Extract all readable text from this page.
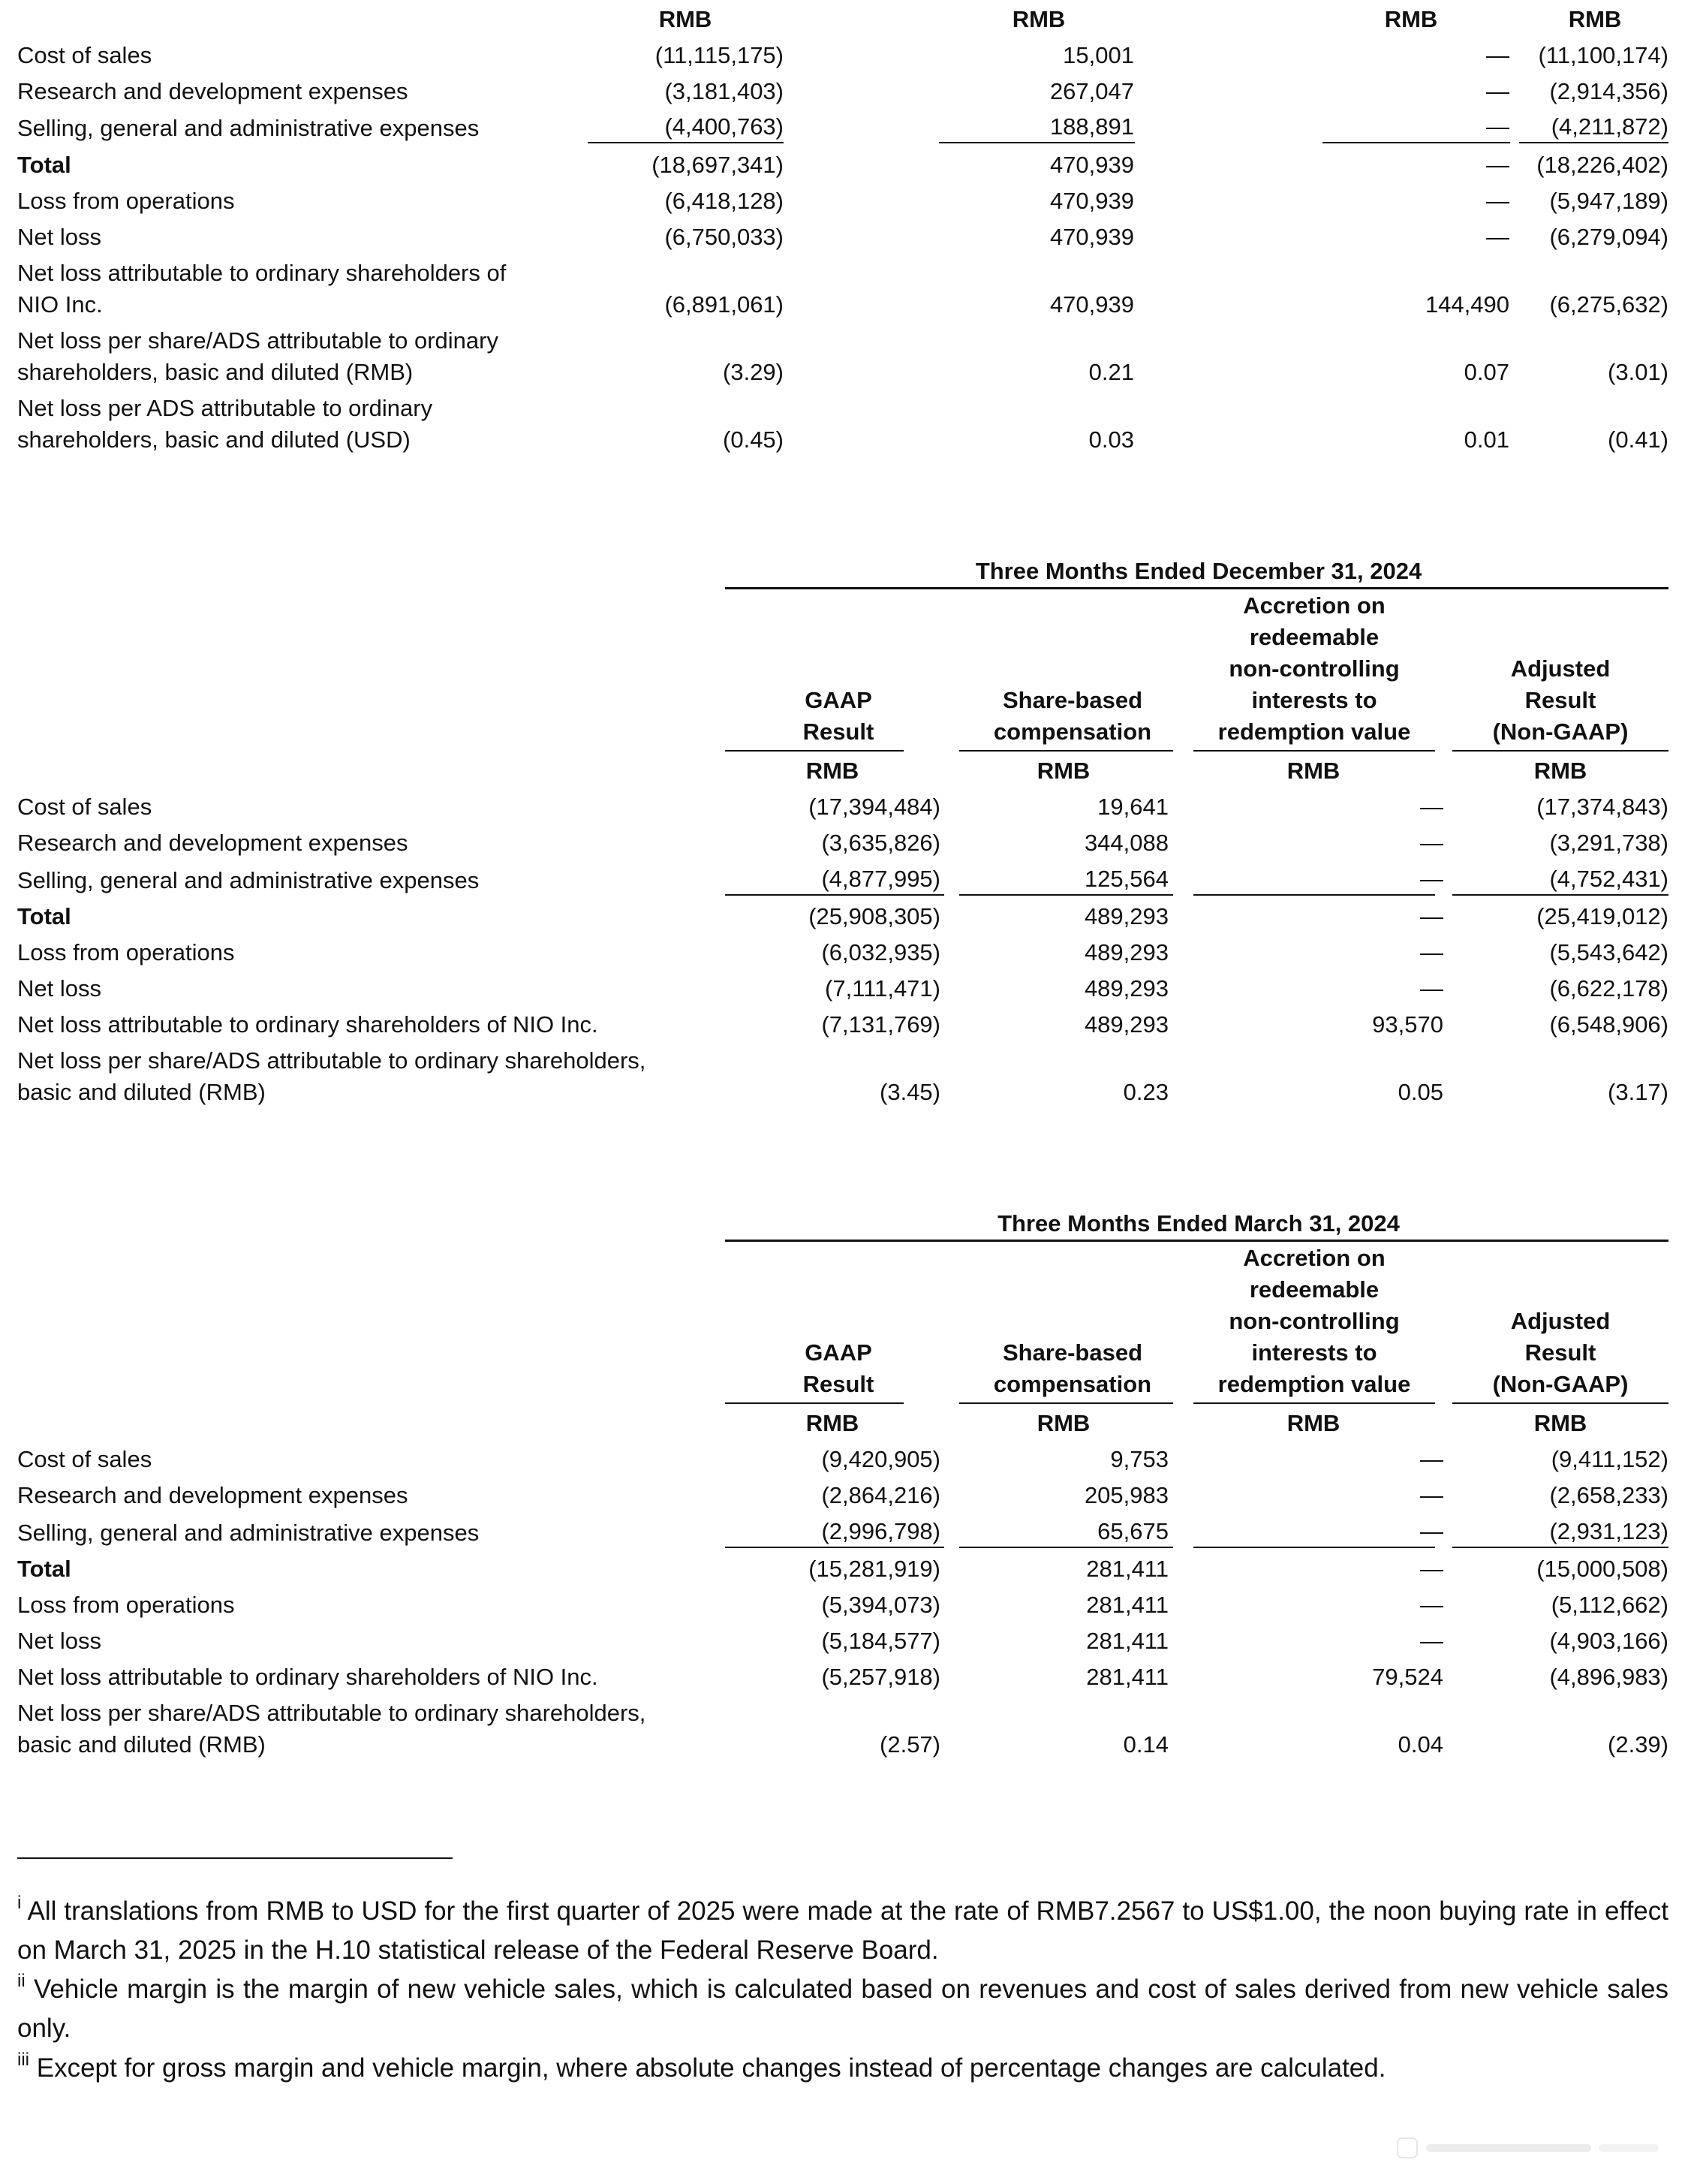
RMB	RMB	RMB	RMB
Cost of sales	(11,115,175)	15,001	— (11,100,174)
Research and development expenses	(3,181,403)	267,047	— (2,914,356)
Selling, general and administrative expenses	(4,400,763)	188,891	— (4,211,872)
Total	(18,697,341)	470,939	— (18,226,402)
Loss from operations	(6,418,128)	470,939	— (5,947,189)
Net loss	(6,750,033)	470,939	— (6,279,094)
Net loss attributable to ordinary shareholders of
NIO Inc.	(6,891,061)	470,939	144,490 (6,275,632)
Net loss per share/ADS attributable to ordinary
shareholders, basic and diluted (RMB)	(3.29)	0.21	0.07	(3.01)
Net loss per ADS attributable to ordinary
shareholders, basic and diluted (USD)	(0.45)	0.03	0.01	(0.41)
Three Months Ended December 31, 2024
GAAP
Result
Share-based
compensation
Accretion on
redeemable
non-controlling
interests to
redemption value
Adjusted
Result
(Non-GAAP)
RMB	RMB	RMB	RMB
Cost of sales	(17,394,484)	19,641	—	(17,374,843)
Research and development expenses	(3,635,826)	344,088	—	(3,291,738)
Selling, general and administrative expenses	(4,877,995)	125,564	—	(4,752,431)
Total	(25,908,305)	489,293	—	(25,419,012)
Loss from operations	(6,032,935)	489,293	—	(5,543,642)
Net loss	(7,111,471)	489,293	—	(6,622,178)
Net loss attributable to ordinary shareholders of NIO Inc.	(7,131,769)	489,293	93,570	(6,548,906)
Net loss per share/ADS attributable to ordinary shareholders,
basic and diluted (RMB)	(3.45)	0.23	0.05	(3.17)
Three Months Ended March 31, 2024
GAAP
Result
Share-based
compensation
Accretion on
redeemable
non-controlling
interests to
redemption value
Adjusted
Result
(Non-GAAP)
RMB	RMB	RMB	RMB
Cost of sales	(9,420,905)	9,753	—	(9,411,152)
Research and development expenses	(2,864,216)	205,983	—	(2,658,233)
Selling, general and administrative expenses	(2,996,798)	65,675	—	(2,931,123)
Total	(15,281,919)	281,411	—	(15,000,508)
Loss from operations	(5,394,073)	281,411	—	(5,112,662)
Net loss	(5,184,577)	281,411	—	(4,903,166)
Net loss attributable to ordinary shareholders of NIO Inc.	(5,257,918)	281,411	79,524	(4,896,983)
Net loss per share/ADS attributable to ordinary shareholders,
basic and diluted (RMB)	(2.57)	0.14	0.04	(2.39)
$^i$ All translations from RMB to USD for the first quarter of 2025 were made at the rate of RMB7.2567 to US$1.00, the noon buying rate in effect on March 31, 2025 in the H.10 statistical release of the Federal Reserve Board.
$^{ii}$ Vehicle margin is the margin of new vehicle sales, which is calculated based on revenues and cost of sales derived from new vehicle sales only.
$^{iii}$ Except for gross margin and vehicle margin, where absolute changes instead of percentage changes are calculated.
